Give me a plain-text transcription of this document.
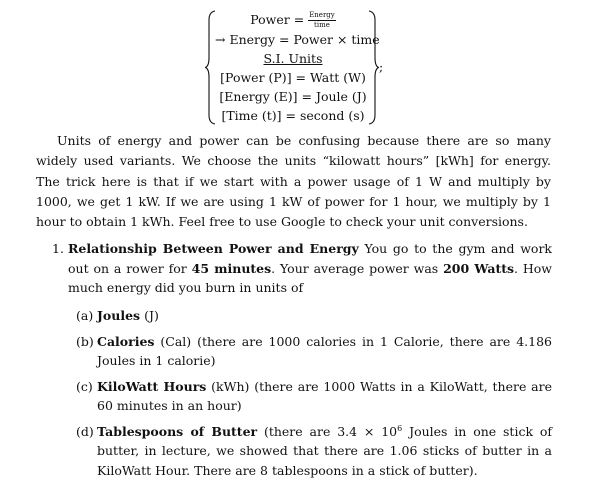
Power = $\frac{\text{Energy}}{\text{time}}$
→ Energy = Power × time
S.I. Units
[Power (P)] = Watt (W)
[Energy (E)] = Joule (J)
[Time (t)] = second (s)
;
Units of energy and power can be confusing because there are so many widely used variants. We choose the units “kilowatt hours” [kWh] for energy. The trick here is that if we start with a power usage of 1 W and multiply by 1000, we get 1 kW. If we are using 1 kW of power for 1 hour, we multiply by 1 hour to obtain 1 kWh. Feel free to use Google to check your unit conversions.
1. Relationship Between Power and Energy You go to the gym and work out on a rower for 45 minutes. Your average power was 200 Watts. How much energy did you burn in units of
(a) Joules (J)
(b) Calories (Cal) (there are 1000 calories in 1 Calorie, there are 4.186 Joules in 1 calorie)
(c) KiloWatt Hours (kWh) (there are 1000 Watts in a KiloWatt, there are 60 minutes in an hour)
(d) Tablespoons of Butter (there are $3.4 \times 10^6$ Joules in one stick of butter, in lecture, we showed that there are 1.06 sticks of butter in a KiloWatt Hour. There are 8 tablespoons in a stick of butter).
